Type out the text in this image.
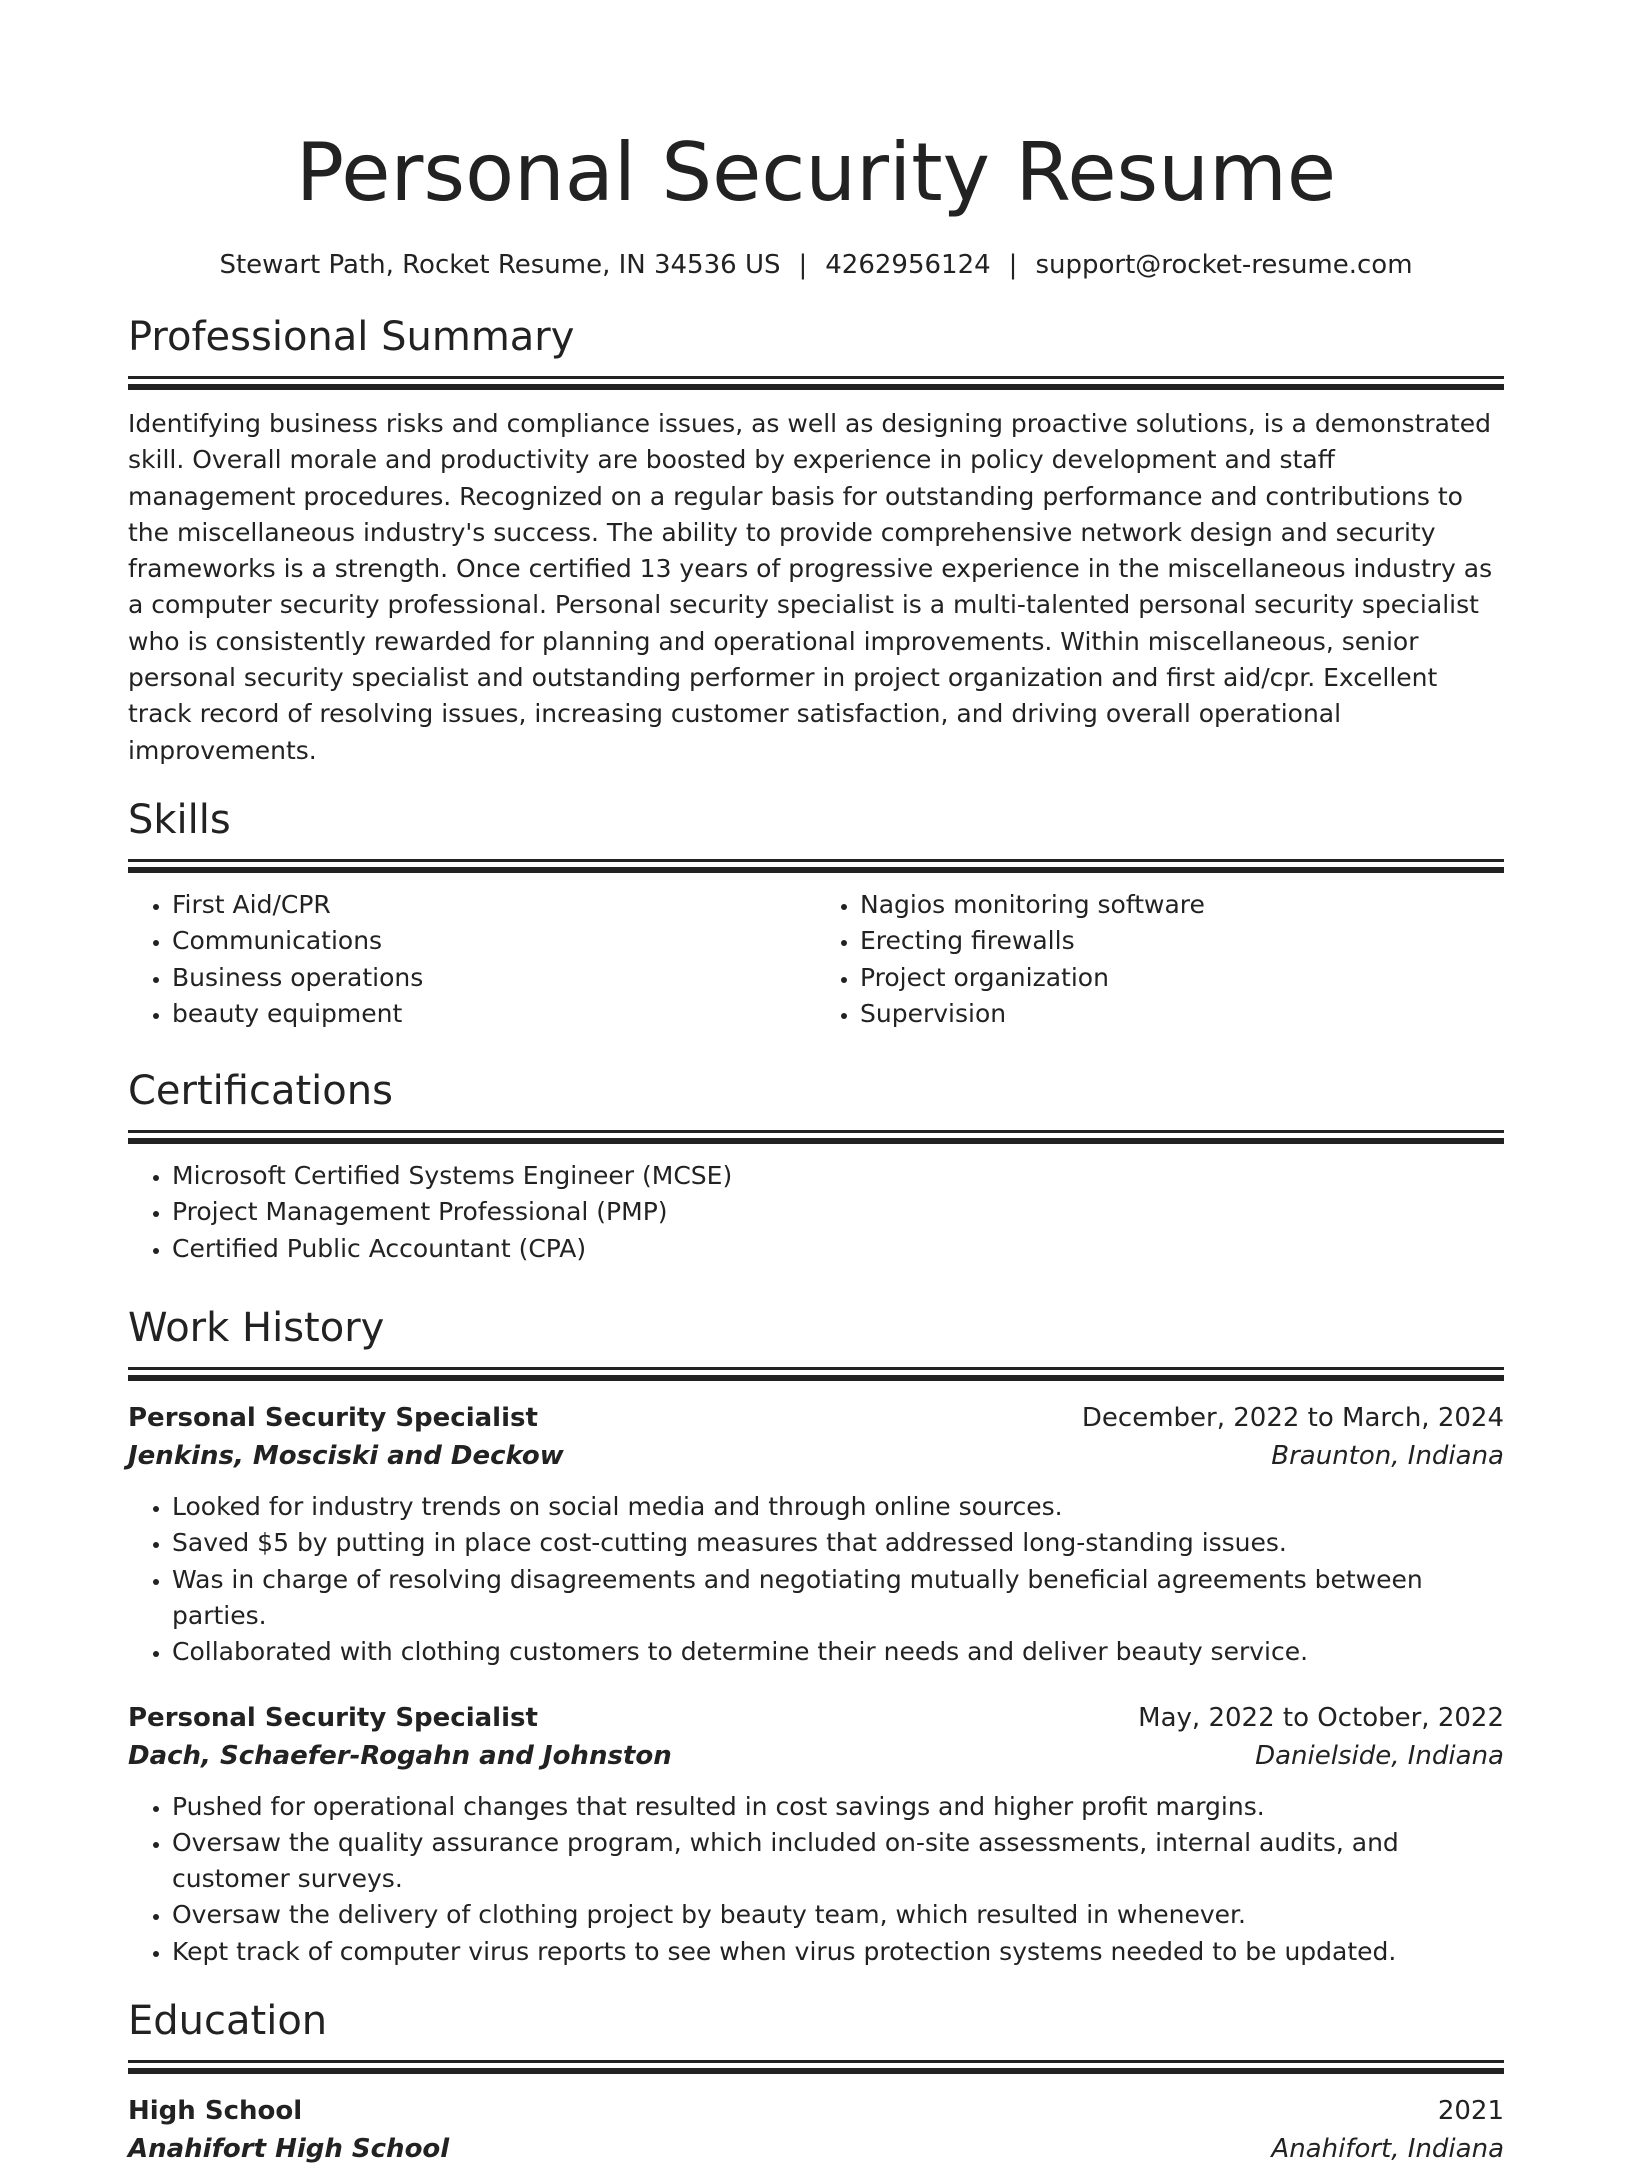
Personal Security Resume
Stewart Path, Rocket Resume, IN 34536 US | 4262956124 | support@rocket-resume.com
Professional Summary

Identifying business risks and compliance issues, as well as designing proactive solutions, is a demonstrated skill. Overall morale and productivity are boosted by experience in policy development and staff management procedures. Recognized on a regular basis for outstanding performance and contributions to the miscellaneous industry's success. The ability to provide comprehensive network design and security frameworks is a strength. Once certified 13 years of progressive experience in the miscellaneous industry as a computer security professional. Personal security specialist is a multi-talented personal security specialist who is consistently rewarded for planning and operational improvements. Within miscellaneous, senior personal security specialist and outstanding performer in project organization and first aid/cpr. Excellent track record of resolving issues, increasing customer satisfaction, and driving overall operational improvements.

Skills
• First Aid/CPR
• Communications
• Business operations
• beauty equipment
• Nagios monitoring software
• Erecting firewalls
• Project organization
• Supervision
Certifications
• Microsoft Certified Systems Engineer (MCSE)
• Project Management Professional (PMP)
• Certified Public Accountant (CPA)
Work History
Personal Security Specialist	December, 2022 to March, 2024
Jenkins, Mosciski and Deckow	Braunton, Indiana
• Looked for industry trends on social media and through online sources.
• Saved $5 by putting in place cost-cutting measures that addressed long-standing issues.
• Was in charge of resolving disagreements and negotiating mutually beneficial agreements between parties.
• Collaborated with clothing customers to determine their needs and deliver beauty service.
Personal Security Specialist	May, 2022 to October, 2022
Dach, Schaefer-Rogahn and Johnston	Danielside, Indiana
• Pushed for operational changes that resulted in cost savings and higher profit margins.
• Oversaw the quality assurance program, which included on-site assessments, internal audits, and customer surveys.
• Oversaw the delivery of clothing project by beauty team, which resulted in whenever.
• Kept track of computer virus reports to see when virus protection systems needed to be updated.
Education
High School	2021
Anahifort High School	Anahifort, Indiana
